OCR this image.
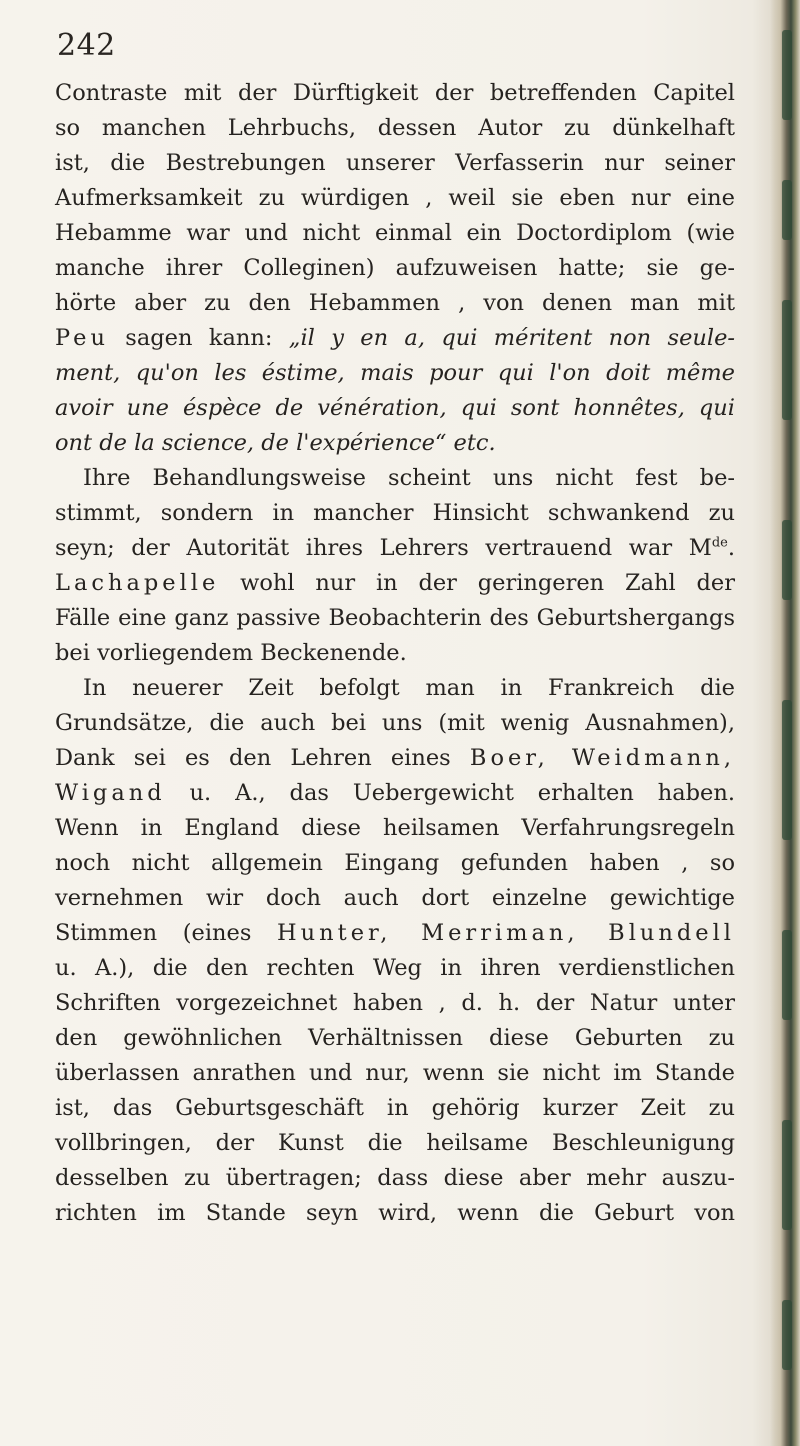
242
Contraste mit der Dürftigkeit der betreffenden Capitel
so manchen Lehrbuchs, dessen Autor zu dünkelhaft
ist, die Bestrebungen unserer Verfasserin nur seiner
Aufmerksamkeit zu würdigen , weil sie eben nur eine
Hebamme war und nicht einmal ein Doctordiplom (wie
manche ihrer Colleginen) aufzuweisen hatte; sie ge-
hörte aber zu den Hebammen , von denen man mit
Peu sagen kann: „il y en a, qui méritent non seule-
ment, qu'on les éstime, mais pour qui l'on doit même
avoir une éspèce de vénération, qui sont honnêtes, qui
ont de la science, de l'expérience“ etc.
Ihre Behandlungsweise scheint uns nicht fest be-
stimmt, sondern in mancher Hinsicht schwankend zu
seyn; der Autorität ihres Lehrers vertrauend war Mde.
Lachapelle wohl nur in der geringeren Zahl der
Fälle eine ganz passive Beobachterin des Geburtshergangs
bei vorliegendem Beckenende.
In neuerer Zeit befolgt man in Frankreich die
Grundsätze, die auch bei uns (mit wenig Ausnahmen),
Dank sei es den Lehren eines Boer, Weidmann,
Wigand u. A., das Uebergewicht erhalten haben.
Wenn in England diese heilsamen Verfahrungsregeln
noch nicht allgemein Eingang gefunden haben , so
vernehmen wir doch auch dort einzelne gewichtige
Stimmen (eines Hunter, Merriman, Blundell
u. A.), die den rechten Weg in ihren verdienstlichen
Schriften vorgezeichnet haben , d. h. der Natur unter
den gewöhnlichen Verhältnissen diese Geburten zu
überlassen anrathen und nur, wenn sie nicht im Stande
ist, das Geburtsgeschäft in gehörig kurzer Zeit zu
vollbringen, der Kunst die heilsame Beschleunigung
desselben zu übertragen; dass diese aber mehr auszu-
richten im Stande seyn wird, wenn die Geburt von
